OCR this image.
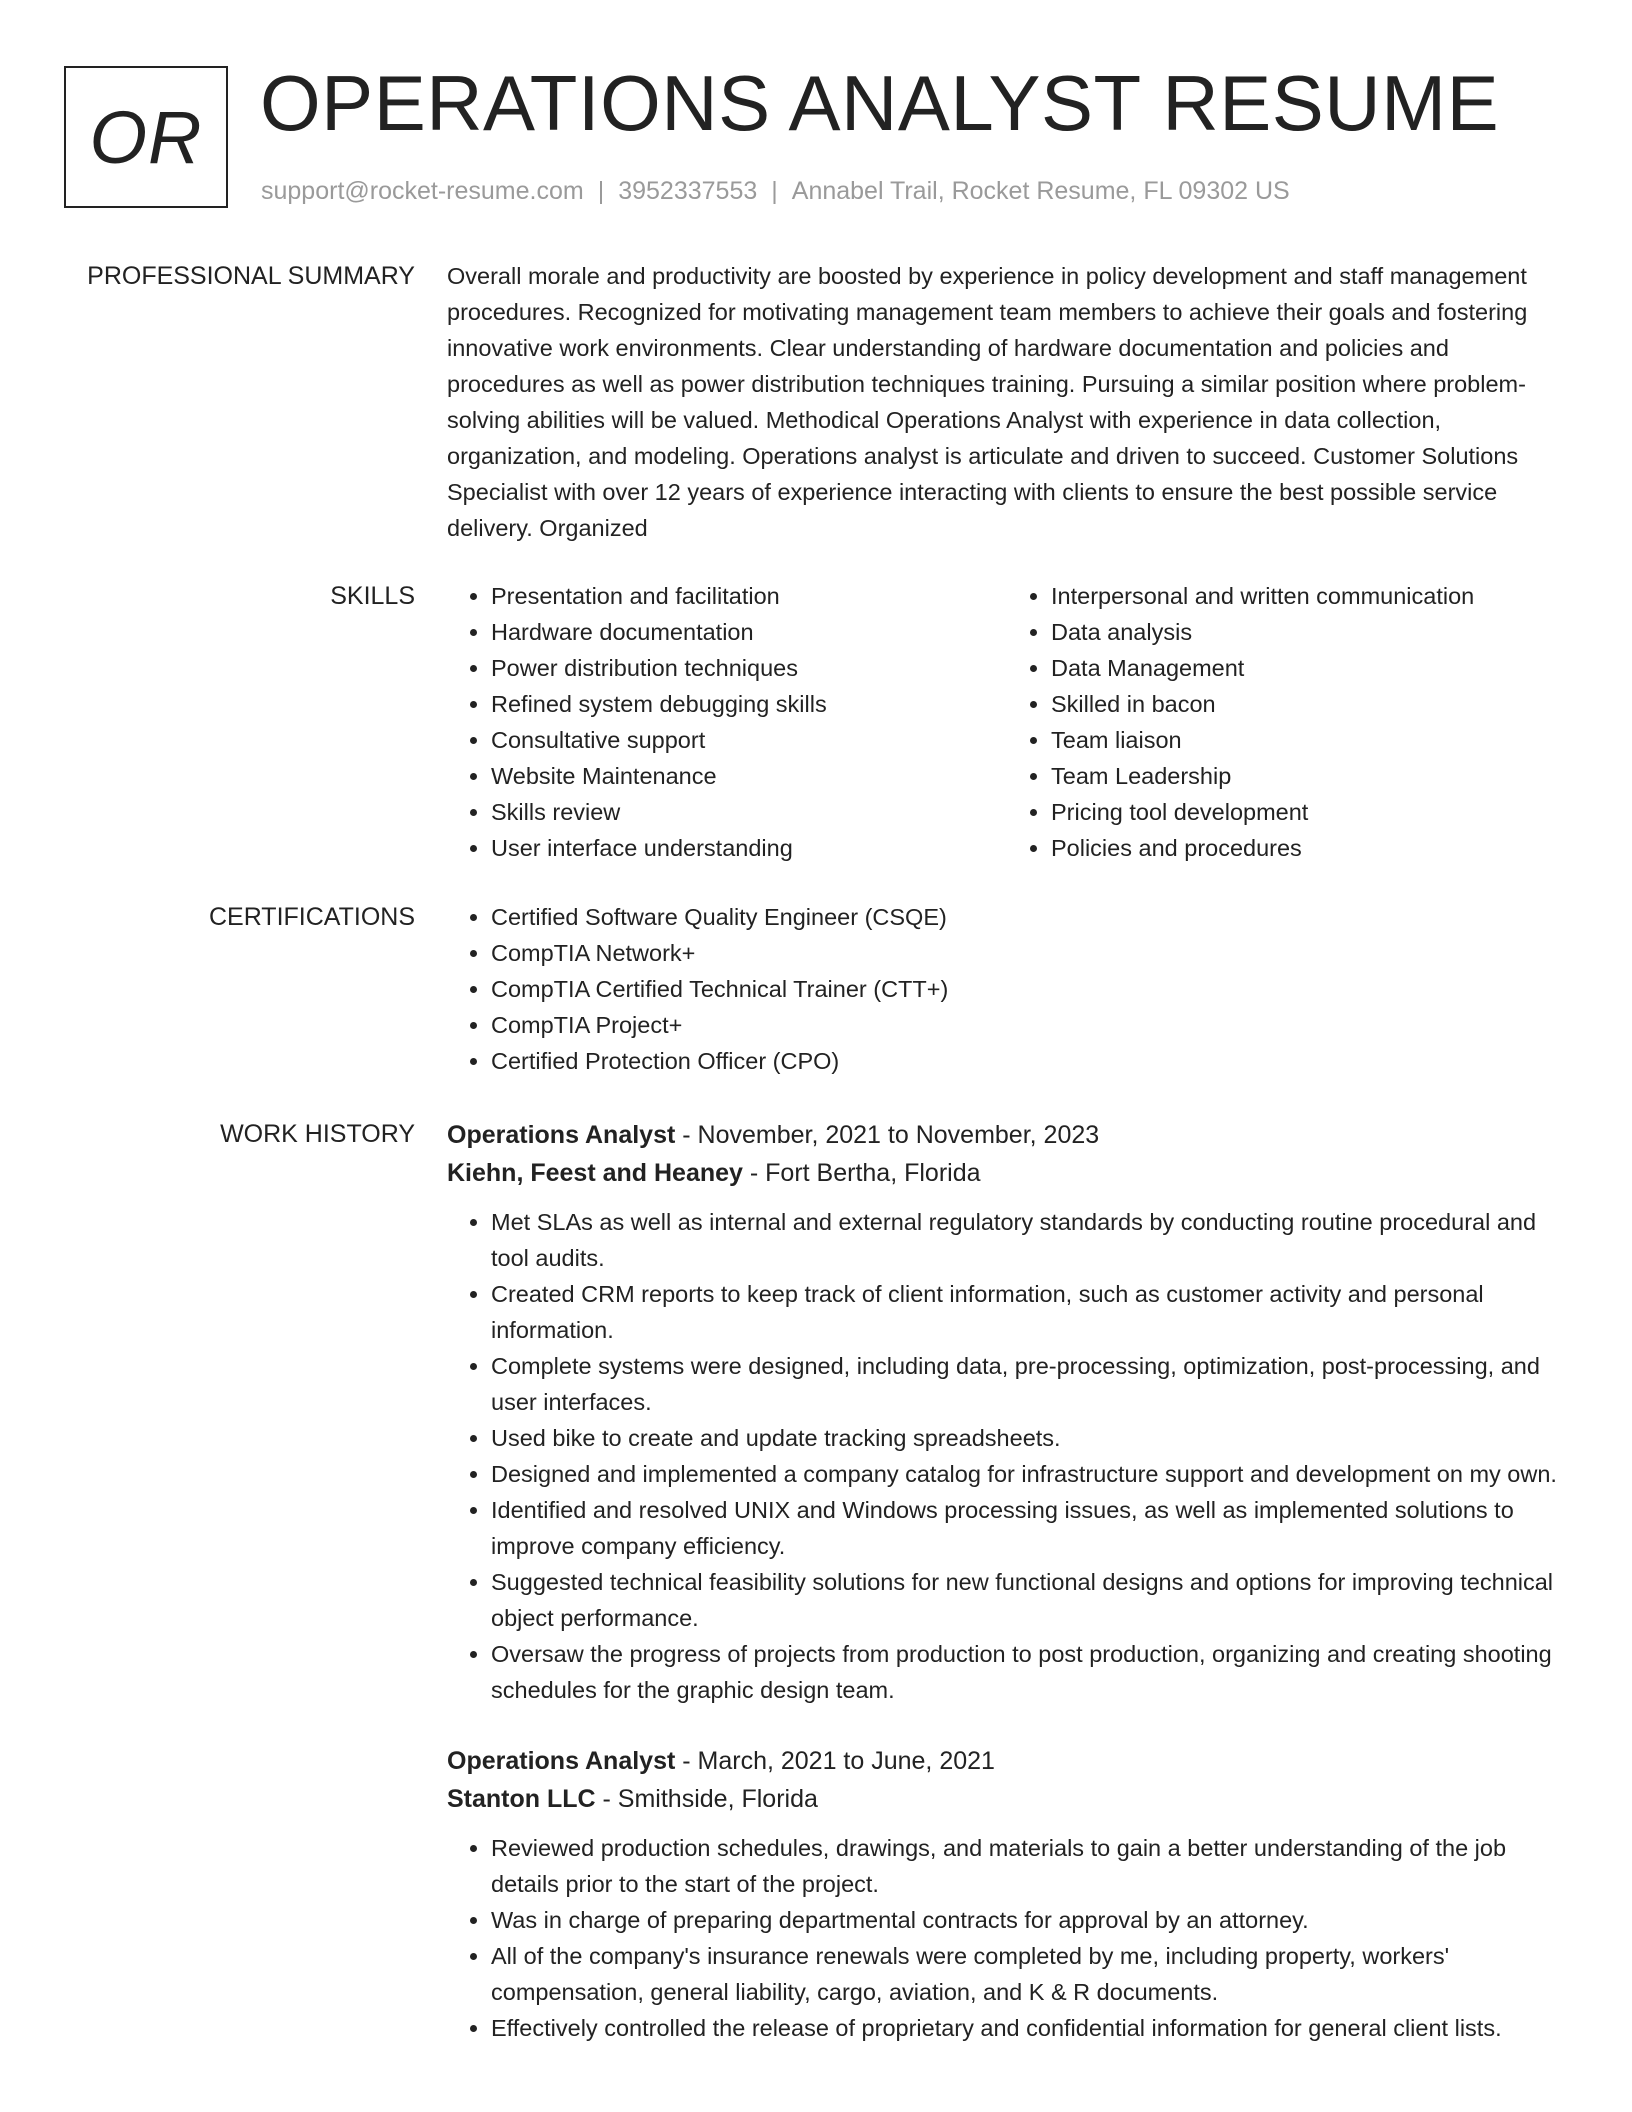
OR OPERATIONS ANALYST RESUME
support@rocket-resume.com | 3952337553 | Annabel Trail, Rocket Resume, FL 09302 US
PROFESSIONAL SUMMARY Overall morale and productivity are boosted by experience in policy development and staff management procedures. Recognized for motivating management team members to achieve their goals and fostering innovative work environments. Clear understanding of hardware documentation and policies and procedures as well as power distribution techniques training. Pursuing a similar position where problem-solving abilities will be valued. Methodical Operations Analyst with experience in data collection, organization, and modeling. Operations analyst is articulate and driven to succeed. Customer Solutions Specialist with over 12 years of experience interacting with clients to ensure the best possible service delivery. Organized

SKILLS	• Presentation and facilitation
• Hardware documentation
• Power distribution techniques
• Refined system debugging skills
• Consultative support
• Website Maintenance
• Skills review
• User interface understanding
• Interpersonal and written communication
• Data analysis
• Data Management
• Skilled in bacon
• Team liaison
• Team Leadership
• Pricing tool development
• Policies and procedures
CERTIFICATIONS	• Certified Software Quality Engineer (CSQE)
• CompTIA Network+
• CompTIA Certified Technical Trainer (CTT+)
• CompTIA Project+
• Certified Protection Officer (CPO)
WORK HISTORY Operations Analyst - November, 2021 to November, 2023

Kiehn, Feest and Heaney - Fort Bertha, Florida

• Met SLAs as well as internal and external regulatory standards by conducting routine procedural and tool audits.
• Created CRM reports to keep track of client information, such as customer activity and personal information.
• Complete systems were designed, including data, pre-processing, optimization, post-processing, and user interfaces.
• Used bike to create and update tracking spreadsheets.
• Designed and implemented a company catalog for infrastructure support and development on my own.
• Identified and resolved UNIX and Windows processing issues, as well as implemented solutions to improve company efficiency.
• Suggested technical feasibility solutions for new functional designs and options for improving technical object performance.
• Oversaw the progress of projects from production to post production, organizing and creating shooting schedules for the graphic design team.

Operations Analyst - March, 2021 to June, 2021

Stanton LLC - Smithside, Florida

• Reviewed production schedules, drawings, and materials to gain a better understanding of the job details prior to the start of the project.
• Was in charge of preparing departmental contracts for approval by an attorney.
• All of the company's insurance renewals were completed by me, including property, workers' compensation, general liability, cargo, aviation, and K & R documents.
• Effectively controlled the release of proprietary and confidential information for general client lists.
